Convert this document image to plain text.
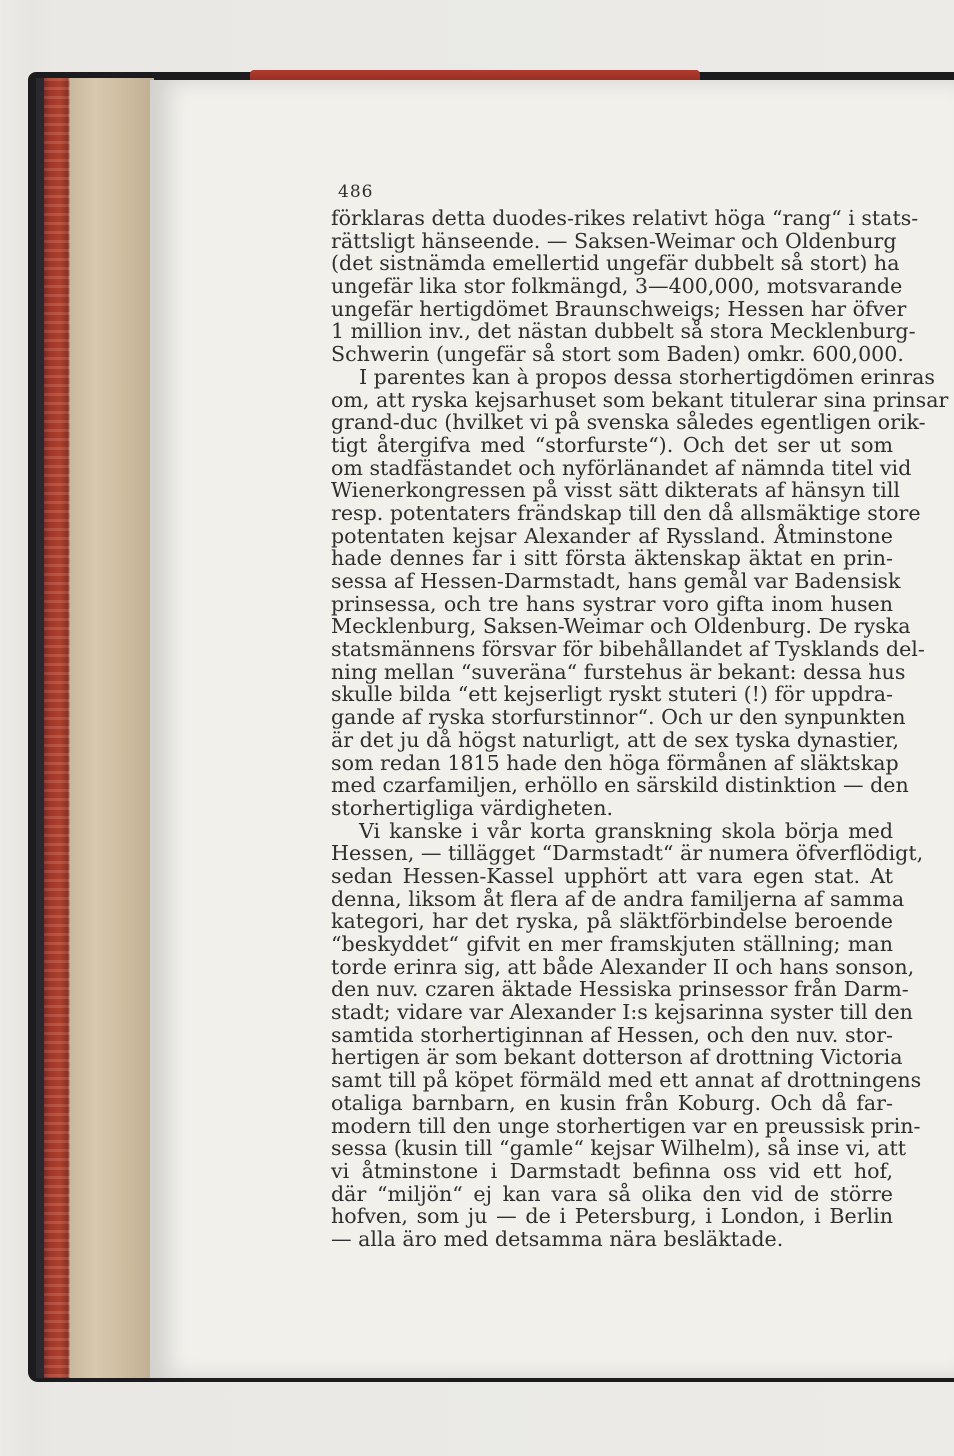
486
förklaras detta duodes-rikes relativt höga “rang“ i stats-
rättsligt hänseende. — Saksen-Weimar och Oldenburg
(det sistnämda emellertid ungefär dubbelt så stort) ha
ungefär lika stor folkmängd, 3—400,000, motsvarande
ungefär hertigdömet Braunschweigs; Hessen har öfver
1 million inv., det nästan dubbelt så stora Mecklenburg-
Schwerin (ungefär så stort som Baden) omkr. 600,000.
I parentes kan à propos dessa storhertigdömen erinras
om, att ryska kejsarhuset som bekant titulerar sina prinsar
grand-duc (hvilket vi på svenska således egentligen orik-
tigt återgifva med “storfurste“). Och det ser ut som
om stadfästandet och nyförlänandet af nämnda titel vid
Wienerkongressen på visst sätt dikterats af hänsyn till
resp. potentaters frändskap till den då allsmäktige store
potentaten kejsar Alexander af Ryssland. Åtminstone
hade dennes far i sitt första äktenskap äktat en prin-
sessa af Hessen-Darmstadt, hans gemål var Badensisk
prinsessa, och tre hans systrar voro gifta inom husen
Mecklenburg, Saksen-Weimar och Oldenburg. De ryska
statsmännens försvar för bibehållandet af Tysklands del-
ning mellan “suveräna“ furstehus är bekant: dessa hus
skulle bilda “ett kejserligt ryskt stuteri (!) för uppdra-
gande af ryska storfurstinnor“. Och ur den synpunkten
är det ju då högst naturligt, att de sex tyska dynastier,
som redan 1815 hade den höga förmånen af släktskap
med czarfamiljen, erhöllo en särskild distinktion — den
storhertigliga värdigheten.
Vi kanske i vår korta granskning skola börja med
Hessen, — tillägget “Darmstadt“ är numera öfverflödigt,
sedan Hessen-Kassel upphört att vara egen stat. At
denna, liksom åt flera af de andra familjerna af samma
kategori, har det ryska, på släktförbindelse beroende
“beskyddet“ gifvit en mer framskjuten ställning; man
torde erinra sig, att både Alexander II och hans sonson,
den nuv. czaren äktade Hessiska prinsessor från Darm-
stadt; vidare var Alexander I:s kejsarinna syster till den
samtida storhertiginnan af Hessen, och den nuv. stor-
hertigen är som bekant dotterson af drottning Victoria
samt till på köpet förmäld med ett annat af drottningens
otaliga barnbarn, en kusin från Koburg. Och då far-
modern till den unge storhertigen var en preussisk prin-
sessa (kusin till “gamle“ kejsar Wilhelm), så inse vi, att
vi åtminstone i Darmstadt befinna oss vid ett hof,
där “miljön“ ej kan vara så olika den vid de större
hofven, som ju — de i Petersburg, i London, i Berlin
— alla äro med detsamma nära besläktade.
